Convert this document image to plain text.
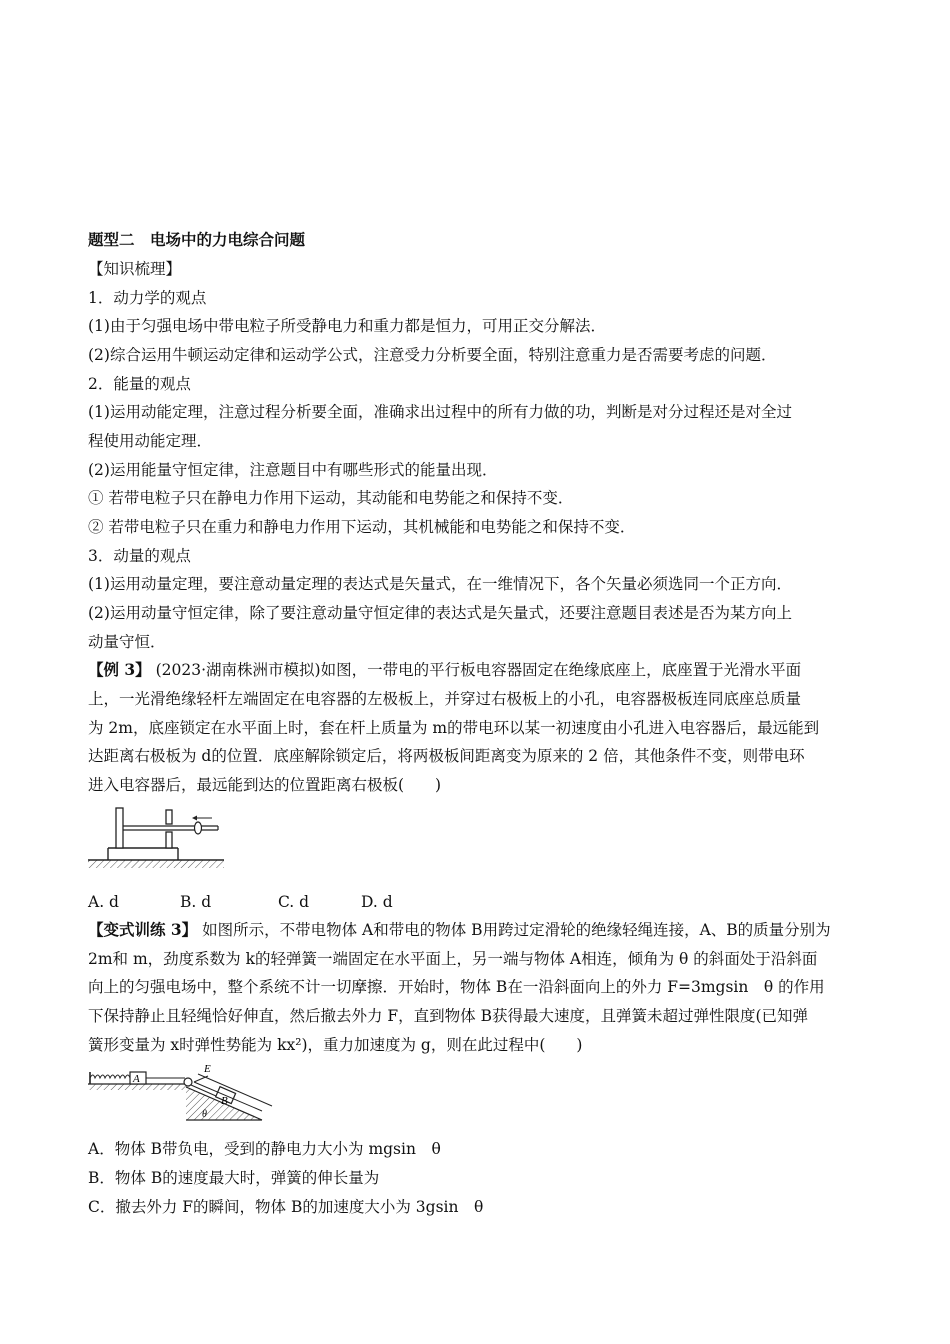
题型二　电场中的力电综合问题
【知识梳理】
1．动力学的观点
(1)由于匀强电场中带电粒子所受静电力和重力都是恒力，可用正交分解法．
(2)综合运用牛顿运动定律和运动学公式，注意受力分析要全面，特别注意重力是否需要考虑的问题．
2．能量的观点
(1)运用动能定理，注意过程分析要全面，准确求出过程中的所有力做的功，判断是对分过程还是对全过
程使用动能定理．
(2)运用能量守恒定律，注意题目中有哪些形式的能量出现．
① 若带电粒子只在静电力作用下运动，其动能和电势能之和保持不变．
② 若带电粒子只在重力和静电力作用下运动，其机械能和电势能之和保持不变．
3．动量的观点
(1)运用动量定理，要注意动量定理的表达式是矢量式，在一维情况下，各个矢量必须选同一个正方向．
(2)运用动量守恒定律，除了要注意动量守恒定律的表达式是矢量式，还要注意题目表述是否为某方向上
动量守恒．
【例 3】 (2023·湖南株洲市模拟)如图，一带电的平行板电容器固定在绝缘底座上，底座置于光滑水平面
上，一光滑绝缘轻杆左端固定在电容器的左极板上，并穿过右极板上的小孔，电容器极板连同底座总质量
为 2m，底座锁定在水平面上时，套在杆上质量为 m的带电环以某一初速度由小孔进入电容器后，最远能到
达距离右极板为 d的位置．底座解除锁定后，将两极板间距离变为原来的 2 倍，其他条件不变，则带电环
进入电容器后，最远能到达的位置距离右极板(　　)
A. d	B. d	C. d	D. d
【变式训练 3】 如图所示，不带电物体 A和带电的物体 B用跨过定滑轮的绝缘轻绳连接，A、B的质量分别为
2m和 m，劲度系数为 k的轻弹簧一端固定在水平面上，另一端与物体 A相连，倾角为 θ 的斜面处于沿斜面
向上的匀强电场中，整个系统不计一切摩擦．开始时，物体 B在一沿斜面向上的外力 F=3mgsin　θ 的作用
下保持静止且轻绳恰好伸直，然后撤去外力 F，直到物体 B获得最大速度，且弹簧未超过弹性限度(已知弹
簧形变量为 x时弹性势能为 kx²)，重力加速度为 g，则在此过程中(　　)
A
B
E
θ
A．物体 B带负电，受到的静电力大小为 mgsin　θ
B．物体 B的速度最大时，弹簧的伸长量为
C．撤去外力 F的瞬间，物体 B的加速度大小为 3gsin　θ
